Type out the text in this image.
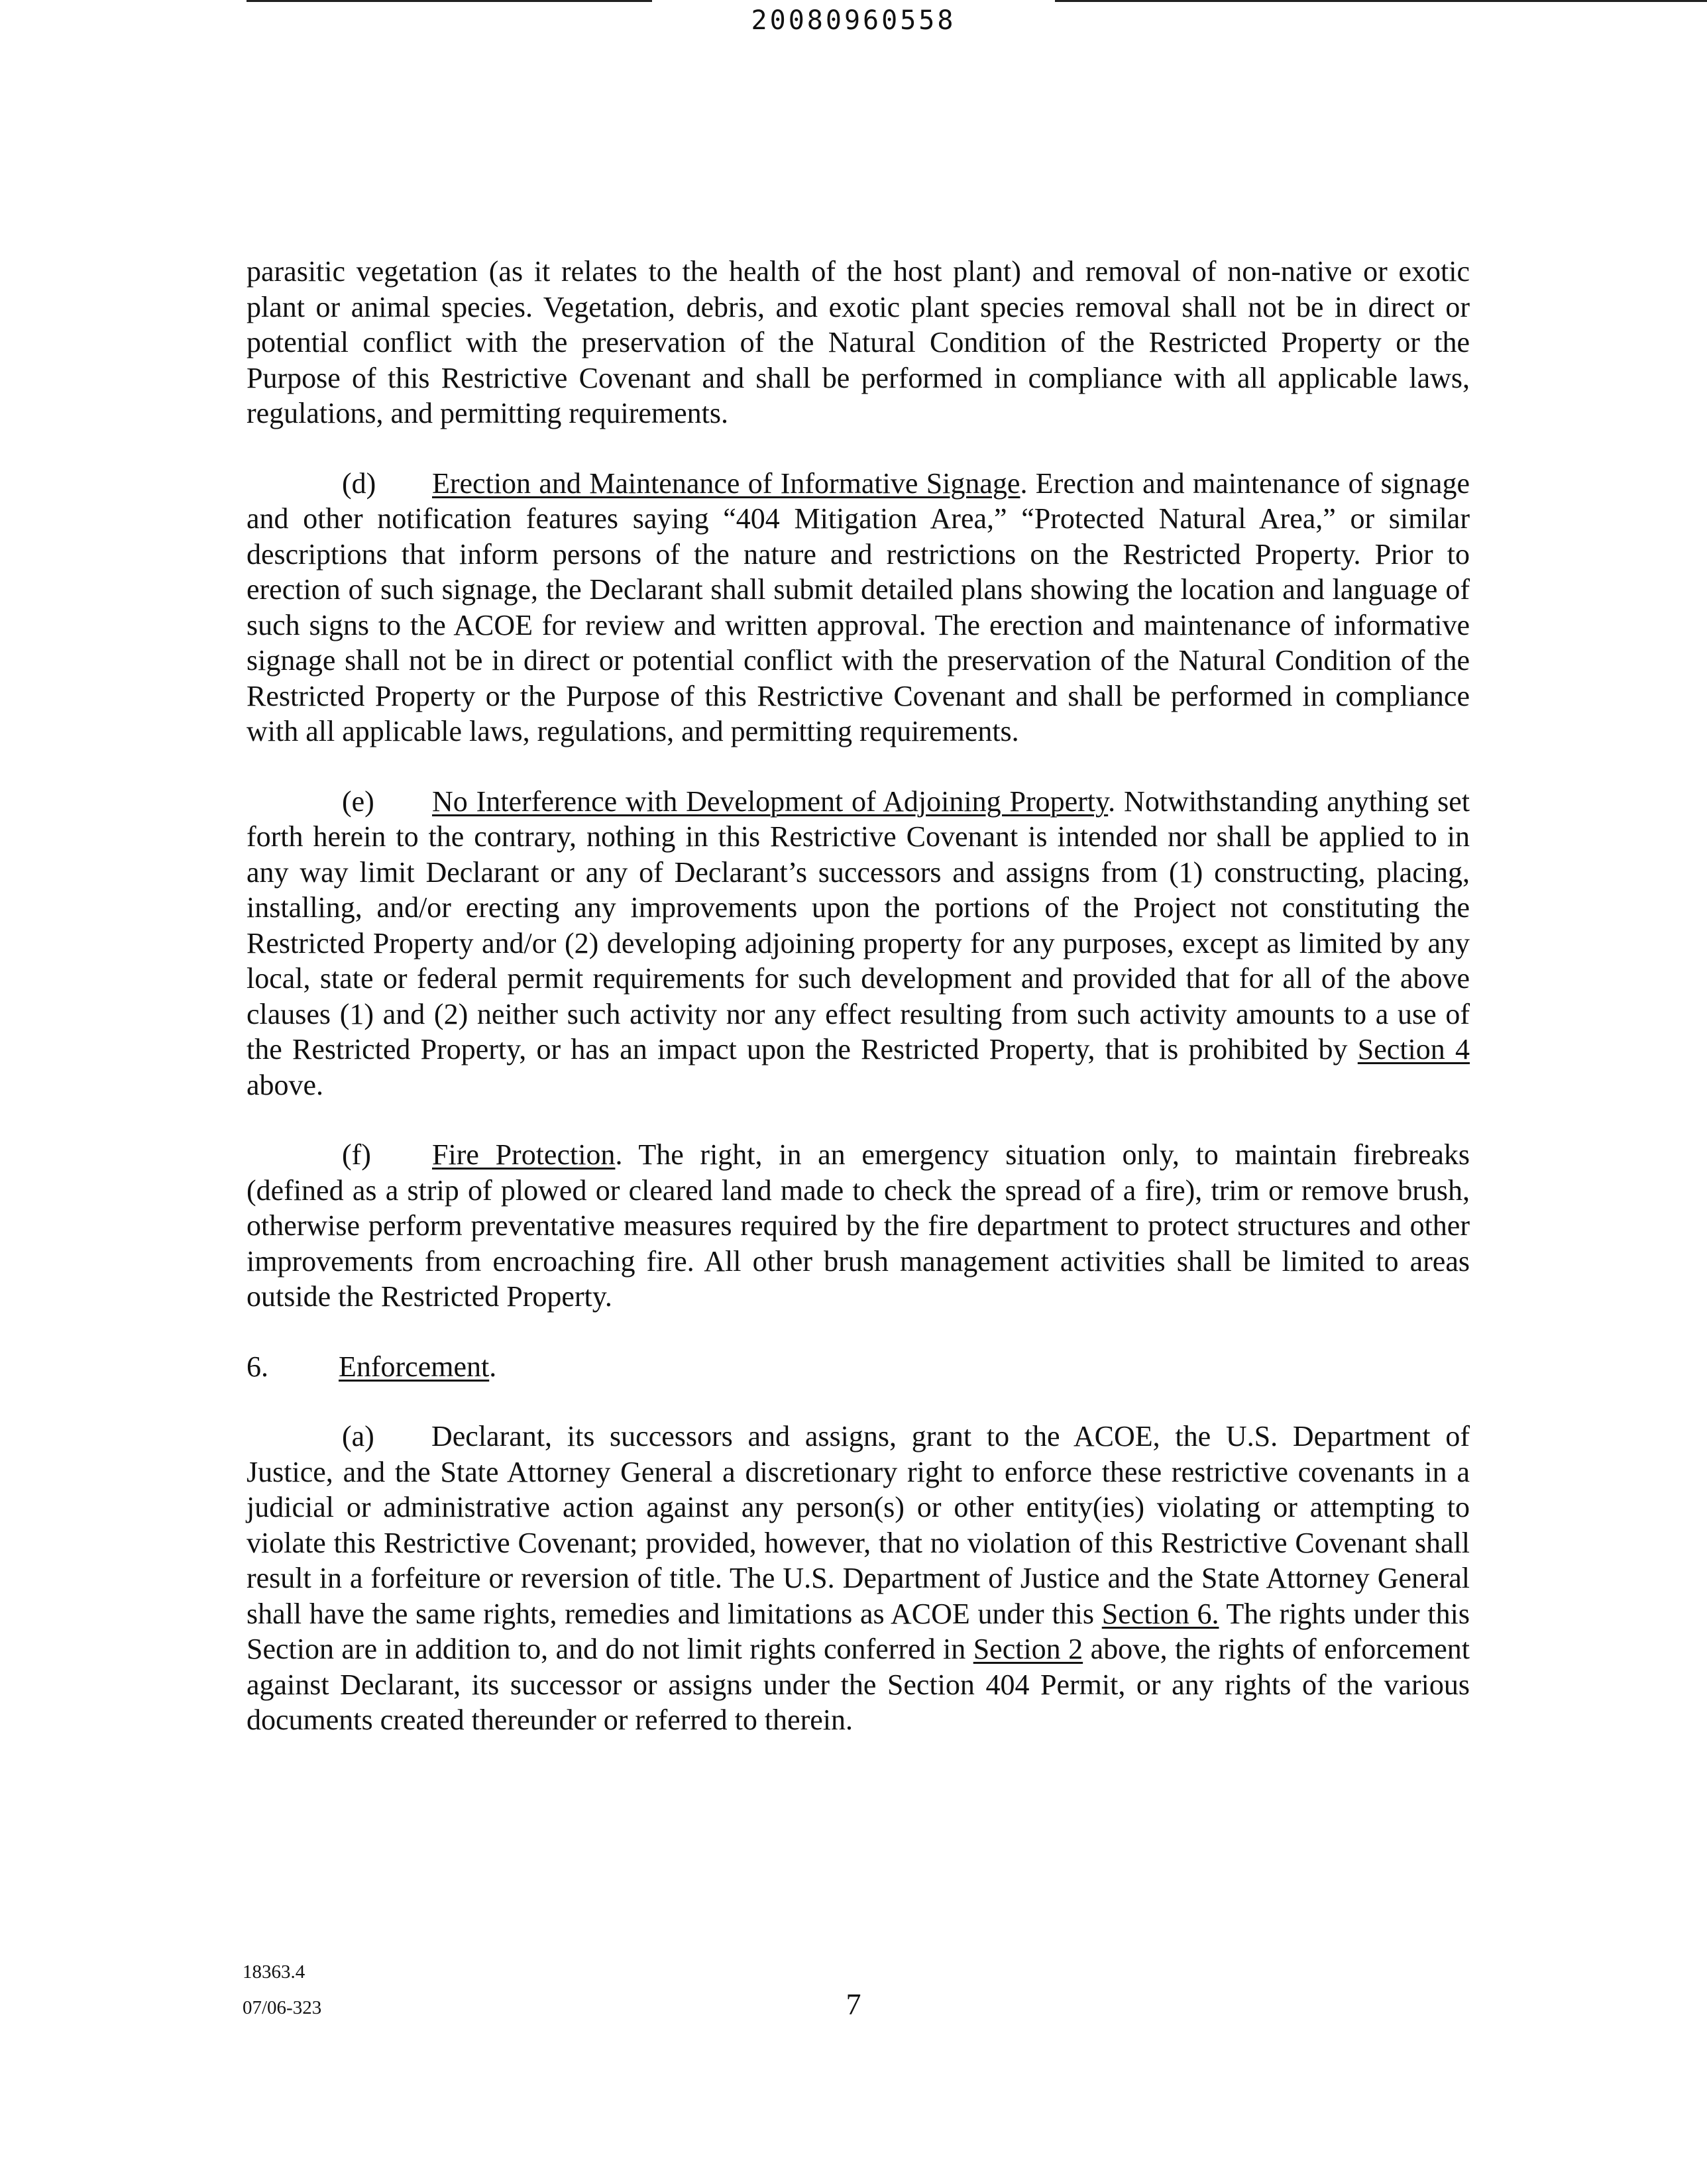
20080960558

parasitic vegetation (as it relates to the health of the host plant) and removal of non-native or exotic plant or animal species. Vegetation, debris, and exotic plant species removal shall not be in direct or potential conflict with the preservation of the Natural Condition of the Restricted Property or the Purpose of this Restrictive Covenant and shall be performed in compliance with all applicable laws, regulations, and permitting requirements.

(d) Erection and Maintenance of Informative Signage. Erection and maintenance of signage and other notification features saying “404 Mitigation Area,” “Protected Natural Area,” or similar descriptions that inform persons of the nature and restrictions on the Restricted Property. Prior to erection of such signage, the Declarant shall submit detailed plans showing the location and language of such signs to the ACOE for review and written approval. The erection and maintenance of informative signage shall not be in direct or potential conflict with the preservation of the Natural Condition of the Restricted Property or the Purpose of this Restrictive Covenant and shall be performed in compliance with all applicable laws, regulations, and permitting requirements.

(e) No Interference with Development of Adjoining Property. Notwithstanding anything set forth herein to the contrary, nothing in this Restrictive Covenant is intended nor shall be applied to in any way limit Declarant or any of Declarant’s successors and assigns from (1) constructing, placing, installing, and/or erecting any improvements upon the portions of the Project not constituting the Restricted Property and/or (2) developing adjoining property for any purposes, except as limited by any local, state or federal permit requirements for such development and provided that for all of the above clauses (1) and (2) neither such activity nor any effect resulting from such activity amounts to a use of the Restricted Property, or has an impact upon the Restricted Property, that is prohibited by Section 4 above.

(f) Fire Protection. The right, in an emergency situation only, to maintain firebreaks (defined as a strip of plowed or cleared land made to check the spread of a fire), trim or remove brush, otherwise perform preventative measures required by the fire department to protect structures and other improvements from encroaching fire. All other brush management activities shall be limited to areas outside the Restricted Property.

6. Enforcement.

(a) Declarant, its successors and assigns, grant to the ACOE, the U.S. Department of Justice, and the State Attorney General a discretionary right to enforce these restrictive covenants in a judicial or administrative action against any person(s) or other entity(ies) violating or attempting to violate this Restrictive Covenant; provided, however, that no violation of this Restrictive Covenant shall result in a forfeiture or reversion of title. The U.S. Department of Justice and the State Attorney General shall have the same rights, remedies and limitations as ACOE under this Section 6. The rights under this Section are in addition to, and do not limit rights conferred in Section 2 above, the rights of enforcement against Declarant, its successor or assigns under the Section 404 Permit, or any rights of the various documents created thereunder or referred to therein.

18363.4
07/06-323	7
